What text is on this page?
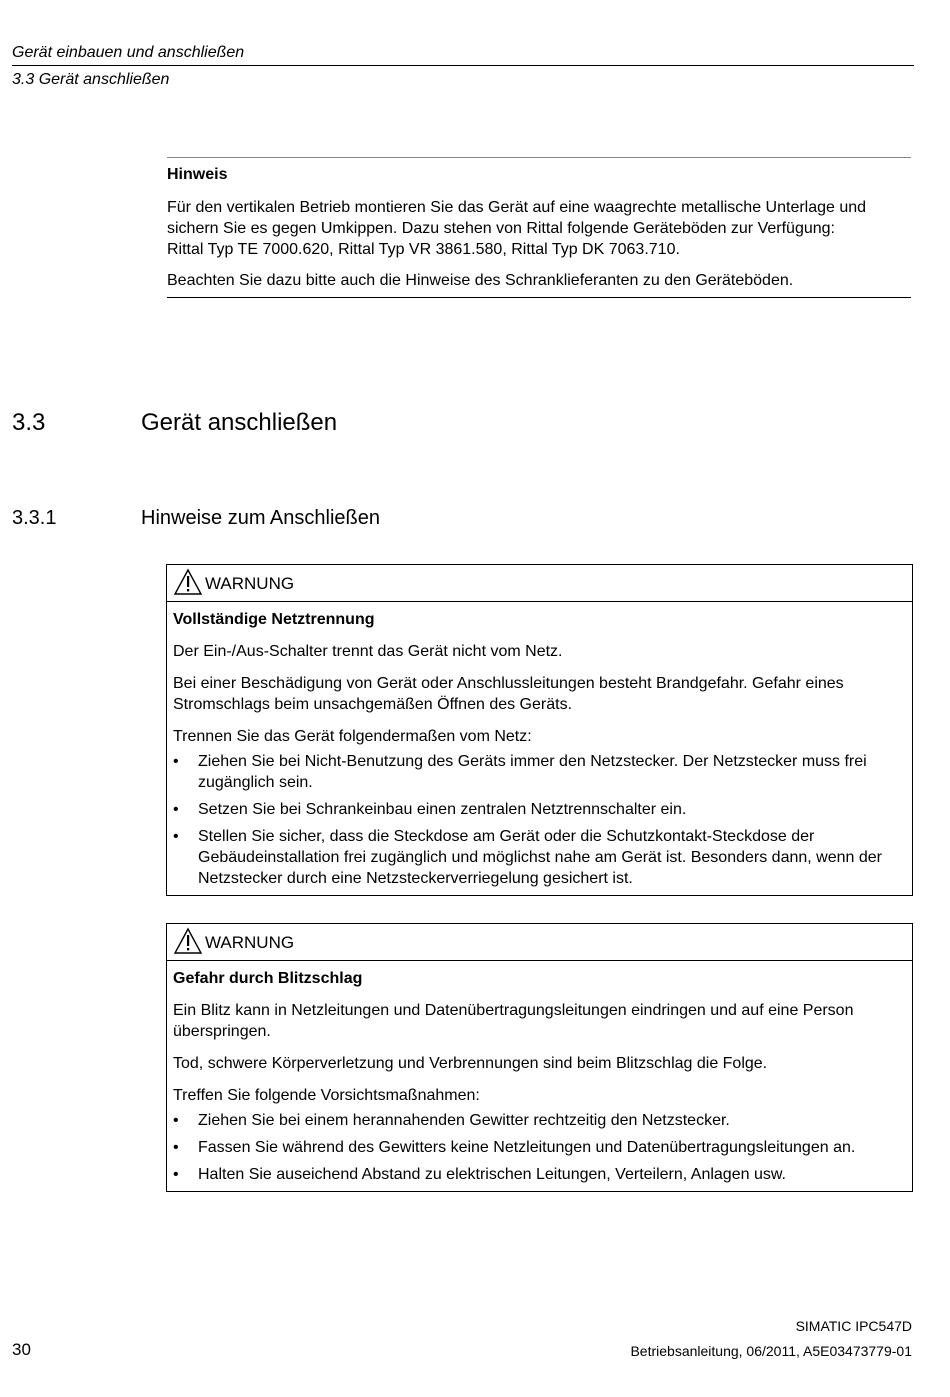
Gerät einbauen und anschließen
3.3 Gerät anschließen
Hinweis

Für den vertikalen Betrieb montieren Sie das Gerät auf eine waagrechte metallische Unterlage und sichern Sie es gegen Umkippen. Dazu stehen von Rittal folgende Geräteböden zur Verfügung:

Rittal Typ TE 7000.620, Rittal Typ VR 3861.580, Rittal Typ DK 7063.710.

Beachten Sie dazu bitte auch die Hinweise des Schranklieferanten zu den Geräteböden.

3.3	Gerät anschließen
3.3.1	Hinweise zum Anschließen
WARNUNG
Vollständige Netztrennung

Der Ein-/Aus-Schalter trennt das Gerät nicht vom Netz.

Bei einer Beschädigung von Gerät oder Anschlussleitungen besteht Brandgefahr. Gefahr eines Stromschlags beim unsachgemäßen Öffnen des Geräts.

Trennen Sie das Gerät folgendermaßen vom Netz:

• Ziehen Sie bei Nicht-Benutzung des Geräts immer den Netzstecker. Der Netzstecker muss frei zugänglich sein.
• Setzen Sie bei Schrankeinbau einen zentralen Netztrennschalter ein.
• Stellen Sie sicher, dass die Steckdose am Gerät oder die Schutzkontakt-Steckdose der Gebäudeinstallation frei zugänglich und möglichst nahe am Gerät ist. Besonders dann, wenn der Netzstecker durch eine Netzsteckerverriegelung gesichert ist.
WARNUNG
Gefahr durch Blitzschlag

Ein Blitz kann in Netzleitungen und Datenübertragungsleitungen eindringen und auf eine Person überspringen.

Tod, schwere Körperverletzung und Verbrennungen sind beim Blitzschlag die Folge.

Treffen Sie folgende Vorsichtsmaßnahmen:

• Ziehen Sie bei einem herannahenden Gewitter rechtzeitig den Netzstecker.
• Fassen Sie während des Gewitters keine Netzleitungen und Datenübertragungsleitungen an.
• Halten Sie auseichend Abstand zu elektrischen Leitungen, Verteilern, Anlagen usw.
SIMATIC IPC547D
30	Betriebsanleitung, 06/2011, A5E03473779-01
